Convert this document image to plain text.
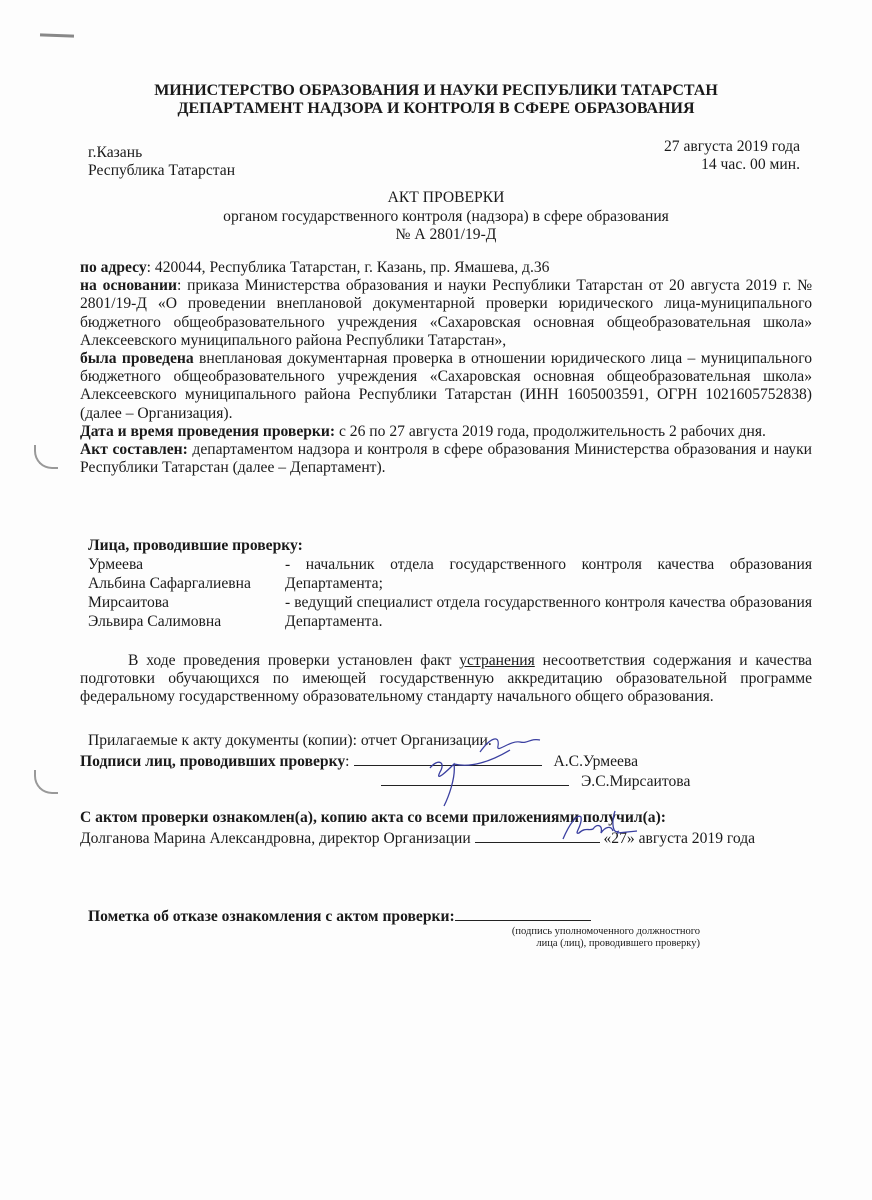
МИНИСТЕРСТВО ОБРАЗОВАНИЯ И НАУКИ РЕСПУБЛИКИ ТАТАРСТАН
ДЕПАРТАМЕНТ НАДЗОРА И КОНТРОЛЯ В СФЕРЕ ОБРАЗОВАНИЯ
г.Казань
Республика Татарстан
27 августа 2019 года
14 час. 00 мин.
АКТ ПРОВЕРКИ
органом государственного контроля (надзора) в сфере образования
№ А 2801/19-Д

по адресу: 420044, Республика Татарстан, г. Казань, пр. Ямашева, д.36

на основании: приказа Министерства образования и науки Республики Татарстан от 20 августа 2019 г. № 2801/19-Д «О проведении внеплановой документарной проверки юридического лица-муниципального бюджетного общеобразовательного учреждения «Сахаровская основная общеобразовательная школа» Алексеевского муниципального района Республики Татарстан»,

была проведена внеплановая документарная проверка в отношении юридического лица – муниципального бюджетного общеобразовательного учреждения «Сахаровская основная общеобразовательная школа» Алексеевского муниципального района Республики Татарстан (ИНН 1605003591, ОГРН 1021605752838) (далее – Организация).

Дата и время проведения проверки: с 26 по 27 августа 2019 года, продолжительность 2 рабочих дня.

Акт составлен: департаментом надзора и контроля в сфере образования Министерства образования и науки Республики Татарстан (далее – Департамент).

Лица, проводившие проверку:
Урмеева
Альбина Сафаргалиевна
- начальник отдела государственного контроля качества образования Департамента;
Мирсаитова
Эльвира Салимовна
- ведущий специалист отдела государственного контроля качества образования Департамента.
В ходе проведения проверки установлен факт устранения несоответствия содержания и качества подготовки обучающихся по имеющей государственную аккредитацию образовательной программе федеральному государственному образовательному стандарту начального общего образования.
Прилагаемые к акту документы (копии): отчет Организации.
Подписи лиц, проводивших проверку:	А.С.Урмеева
Э.С.Мирсаитова
С актом проверки ознакомлен(а), копию акта со всеми приложениями получил(а):
Долганова Марина Александровна, директор Организации	«27» августа 2019 года
Пометка об отказе ознакомления с актом проверки:
(подпись уполномоченного должностного
лица (лиц), проводившего проверку)
